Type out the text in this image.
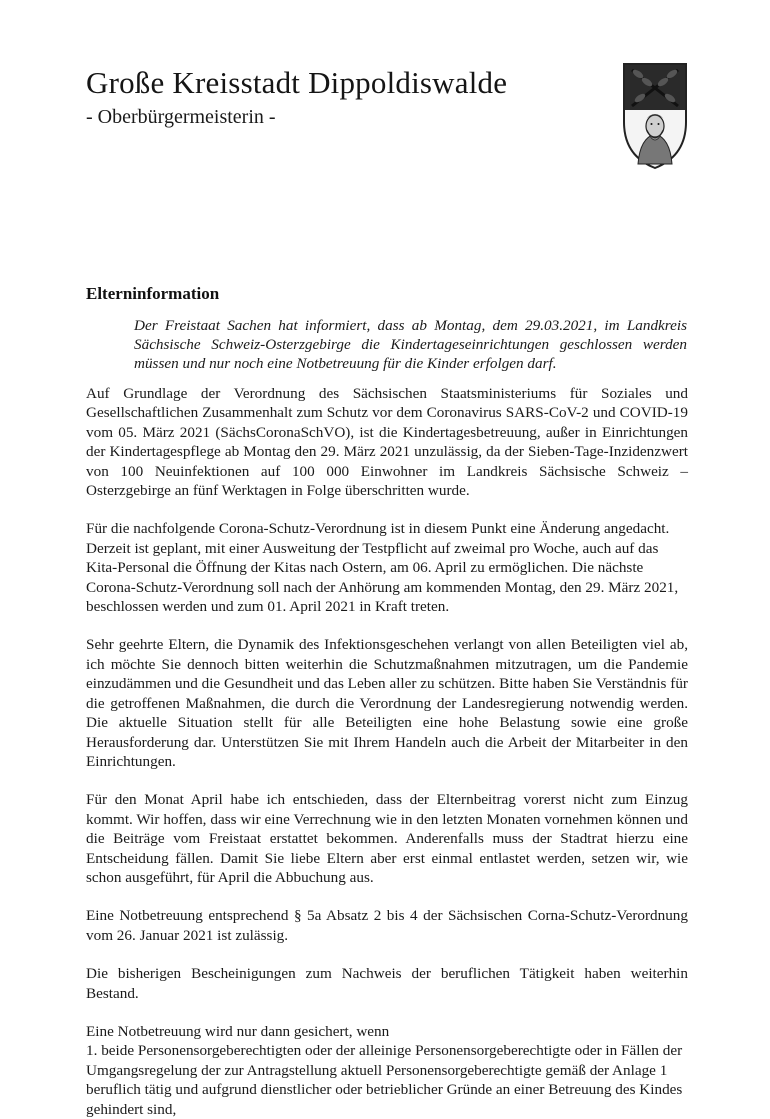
Große Kreisstadt Dippoldiswalde
- Oberbürgermeisterin -
Elterninformation
Der Freistaat Sachen hat informiert, dass ab Montag, dem 29.03.2021, im Landkreis Sächsische Schweiz-Osterzgebirge die Kindertageseinrichtungen geschlossen werden müssen und nur noch eine Notbetreuung für die Kinder erfolgen darf.

Auf Grundlage der Verordnung des Sächsischen Staatsministeriums für Soziales und Gesellschaftlichen Zusammenhalt zum Schutz vor dem Coronavirus SARS-CoV-2 und COVID-19 vom 05. März 2021 (SächsCoronaSchVO), ist die Kindertagesbetreuung, außer in Einrichtungen der Kindertagespflege ab Montag den 29. März 2021 unzulässig, da der Sieben-Tage-Inzidenzwert von 100 Neuinfektionen auf 100 000 Einwohner im Landkreis Sächsische Schweiz – Osterzgebirge an fünf Werktagen in Folge überschritten wurde.

Für die nachfolgende Corona-Schutz-Verordnung ist in diesem Punkt eine Änderung angedacht. Derzeit ist geplant, mit einer Ausweitung der Testpflicht auf zweimal pro Woche, auch auf das Kita-Personal die Öffnung der Kitas nach Ostern, am 06. April zu ermöglichen. Die nächste Corona-Schutz-Verordnung soll nach der Anhörung am kommenden Montag, den 29. März 2021, beschlossen werden und zum 01. April 2021 in Kraft treten.

Sehr geehrte Eltern, die Dynamik des Infektionsgeschehen verlangt von allen Beteiligten viel ab, ich möchte Sie dennoch bitten weiterhin die Schutzmaßnahmen mitzutragen, um die Pandemie einzudämmen und die Gesundheit und das Leben aller zu schützen. Bitte haben Sie Verständnis für die getroffenen Maßnahmen, die durch die Verordnung der Landesregierung notwendig werden. Die aktuelle Situation stellt für alle Beteiligten eine hohe Belastung sowie eine große Herausforderung dar. Unterstützen Sie mit Ihrem Handeln auch die Arbeit der Mitarbeiter in den Einrichtungen.

Für den Monat April habe ich entschieden, dass der Elternbeitrag vorerst nicht zum Einzug kommt. Wir hoffen, dass wir eine Verrechnung wie in den letzten Monaten vornehmen können und die Beiträge vom Freistaat erstattet bekommen. Anderenfalls muss der Stadtrat hierzu eine Entscheidung fällen. Damit Sie liebe Eltern aber erst einmal entlastet werden, setzen wir, wie schon ausgeführt, für April die Abbuchung aus.

Eine Notbetreuung entsprechend § 5a Absatz 2 bis 4 der Sächsischen Corna-Schutz-Verordnung vom 26. Januar 2021 ist zulässig.

Die bisherigen Bescheinigungen zum Nachweis der beruflichen Tätigkeit haben weiterhin Bestand.

Eine Notbetreuung wird nur dann gesichert, wenn

1. beide Personensorgeberechtigten oder der alleinige Personensorgeberechtigte oder in Fällen der Umgangsregelung der zur Antragstellung aktuell Personensorgeberechtigte gemäß der Anlage 1 beruflich tätig und aufgrund dienstlicher oder betrieblicher Gründe an einer Betreuung des Kindes gehindert sind,
